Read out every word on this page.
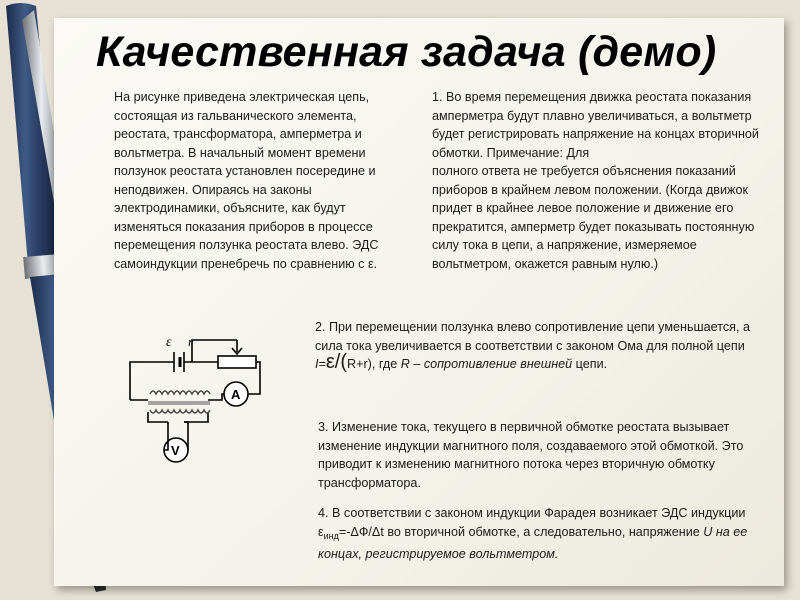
Качественная задача (демо)
На рисунке приведена электрическая цепь, состоящая из гальванического элемента, реостата, трансформатора, амперметра и вольтметра. В начальный момент времени ползунок реостата установлен посередине и неподвижен. Опираясь на законы электродинамики, объясните, как будут изменяться показания приборов в процессе перемещения ползунка реостата влево. ЭДС самоиндукции пренебречь по сравнению с ε.
1. Во время перемещения движка реостата показания амперметра будут плавно увеличиваться, а вольтметр будет регистрировать напряжение на концах вторичной обмотки. Примечание: Для
полного ответа не требуется объяснения показаний приборов в крайнем левом положении. (Когда движок придет в крайнее левое положение и движение его прекратится, амперметр будет показывать постоянную силу тока в цепи, а напряжение, измеряемое вольтметром, окажется равным нулю.)
2. При перемещении ползунка влево сопротивление цепи уменьшается, а сила тока увеличивается в соответствии с законом Ома для полной цепи I=ε/(R+r), где R – сопротивление внешней цепи.
3. Изменение тока, текущего в первичной обмотке реостата вызывает изменение индукции магнитного поля, создаваемого этой обмоткой. Это приводит к изменению магнитного потока через вторичную обмотку трансформатора.
4. В соответствии с законом индукции Фарадея возникает ЭДС индукции $\varepsilon_{инд}=-\Delta Ф/\Delta t$ во вторичной обмотке, а следовательно, напряжение U на ее концах, регистрируемое вольтметром.
ε r
A
V
